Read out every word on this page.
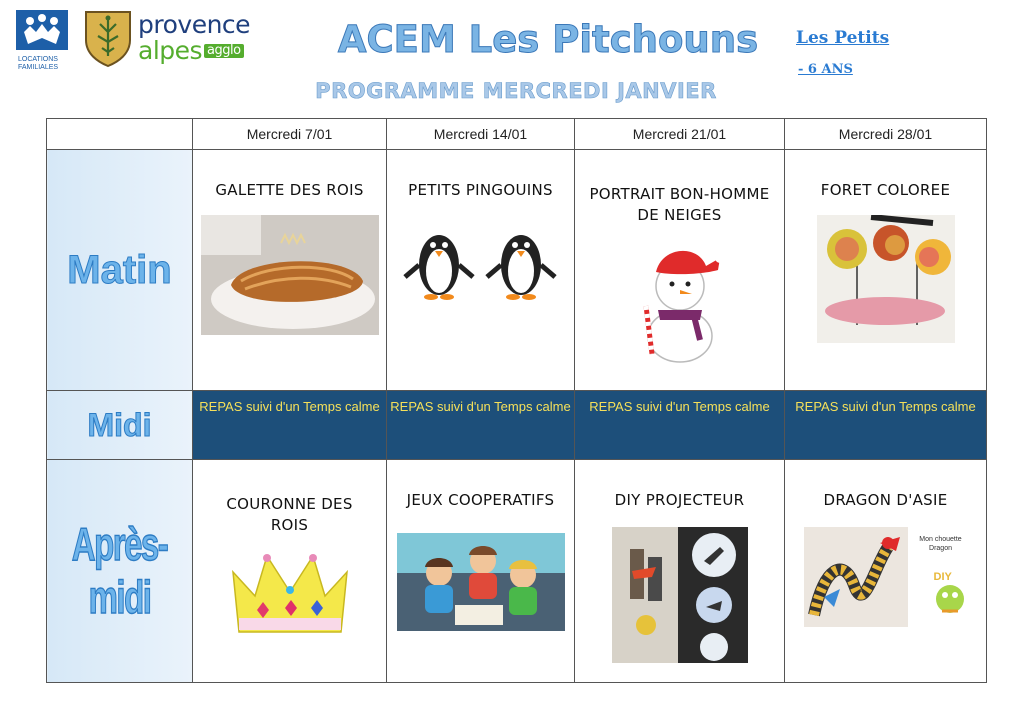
LOCATIONS FAMILIALES
provence
alpes agglo	ACEM Les Pitchouns
PROGRAMME MERCREDI JANVIER
Les Petits
- 6 ANS
	Mercredi 7/01	Mercredi 14/01	Mercredi 21/01	Mercredi 28/01
Matin	GALETTE DES ROIS	PETITS PINGOUINS	PORTRAIT BON-HOMME DE NEIGES	FORET COLOREE

Midi	REPAS suivi d'un Temps calme	REPAS suivi d'un Temps calme	REPAS suivi d'un Temps calme	REPAS suivi d'un Temps calme
Après-midi	COURONNE DES ROIS	JEUX COOPERATIFS	DIY PROJECTEUR	DRAGON D'ASIE
Mon chouette
Dragon
DIY
